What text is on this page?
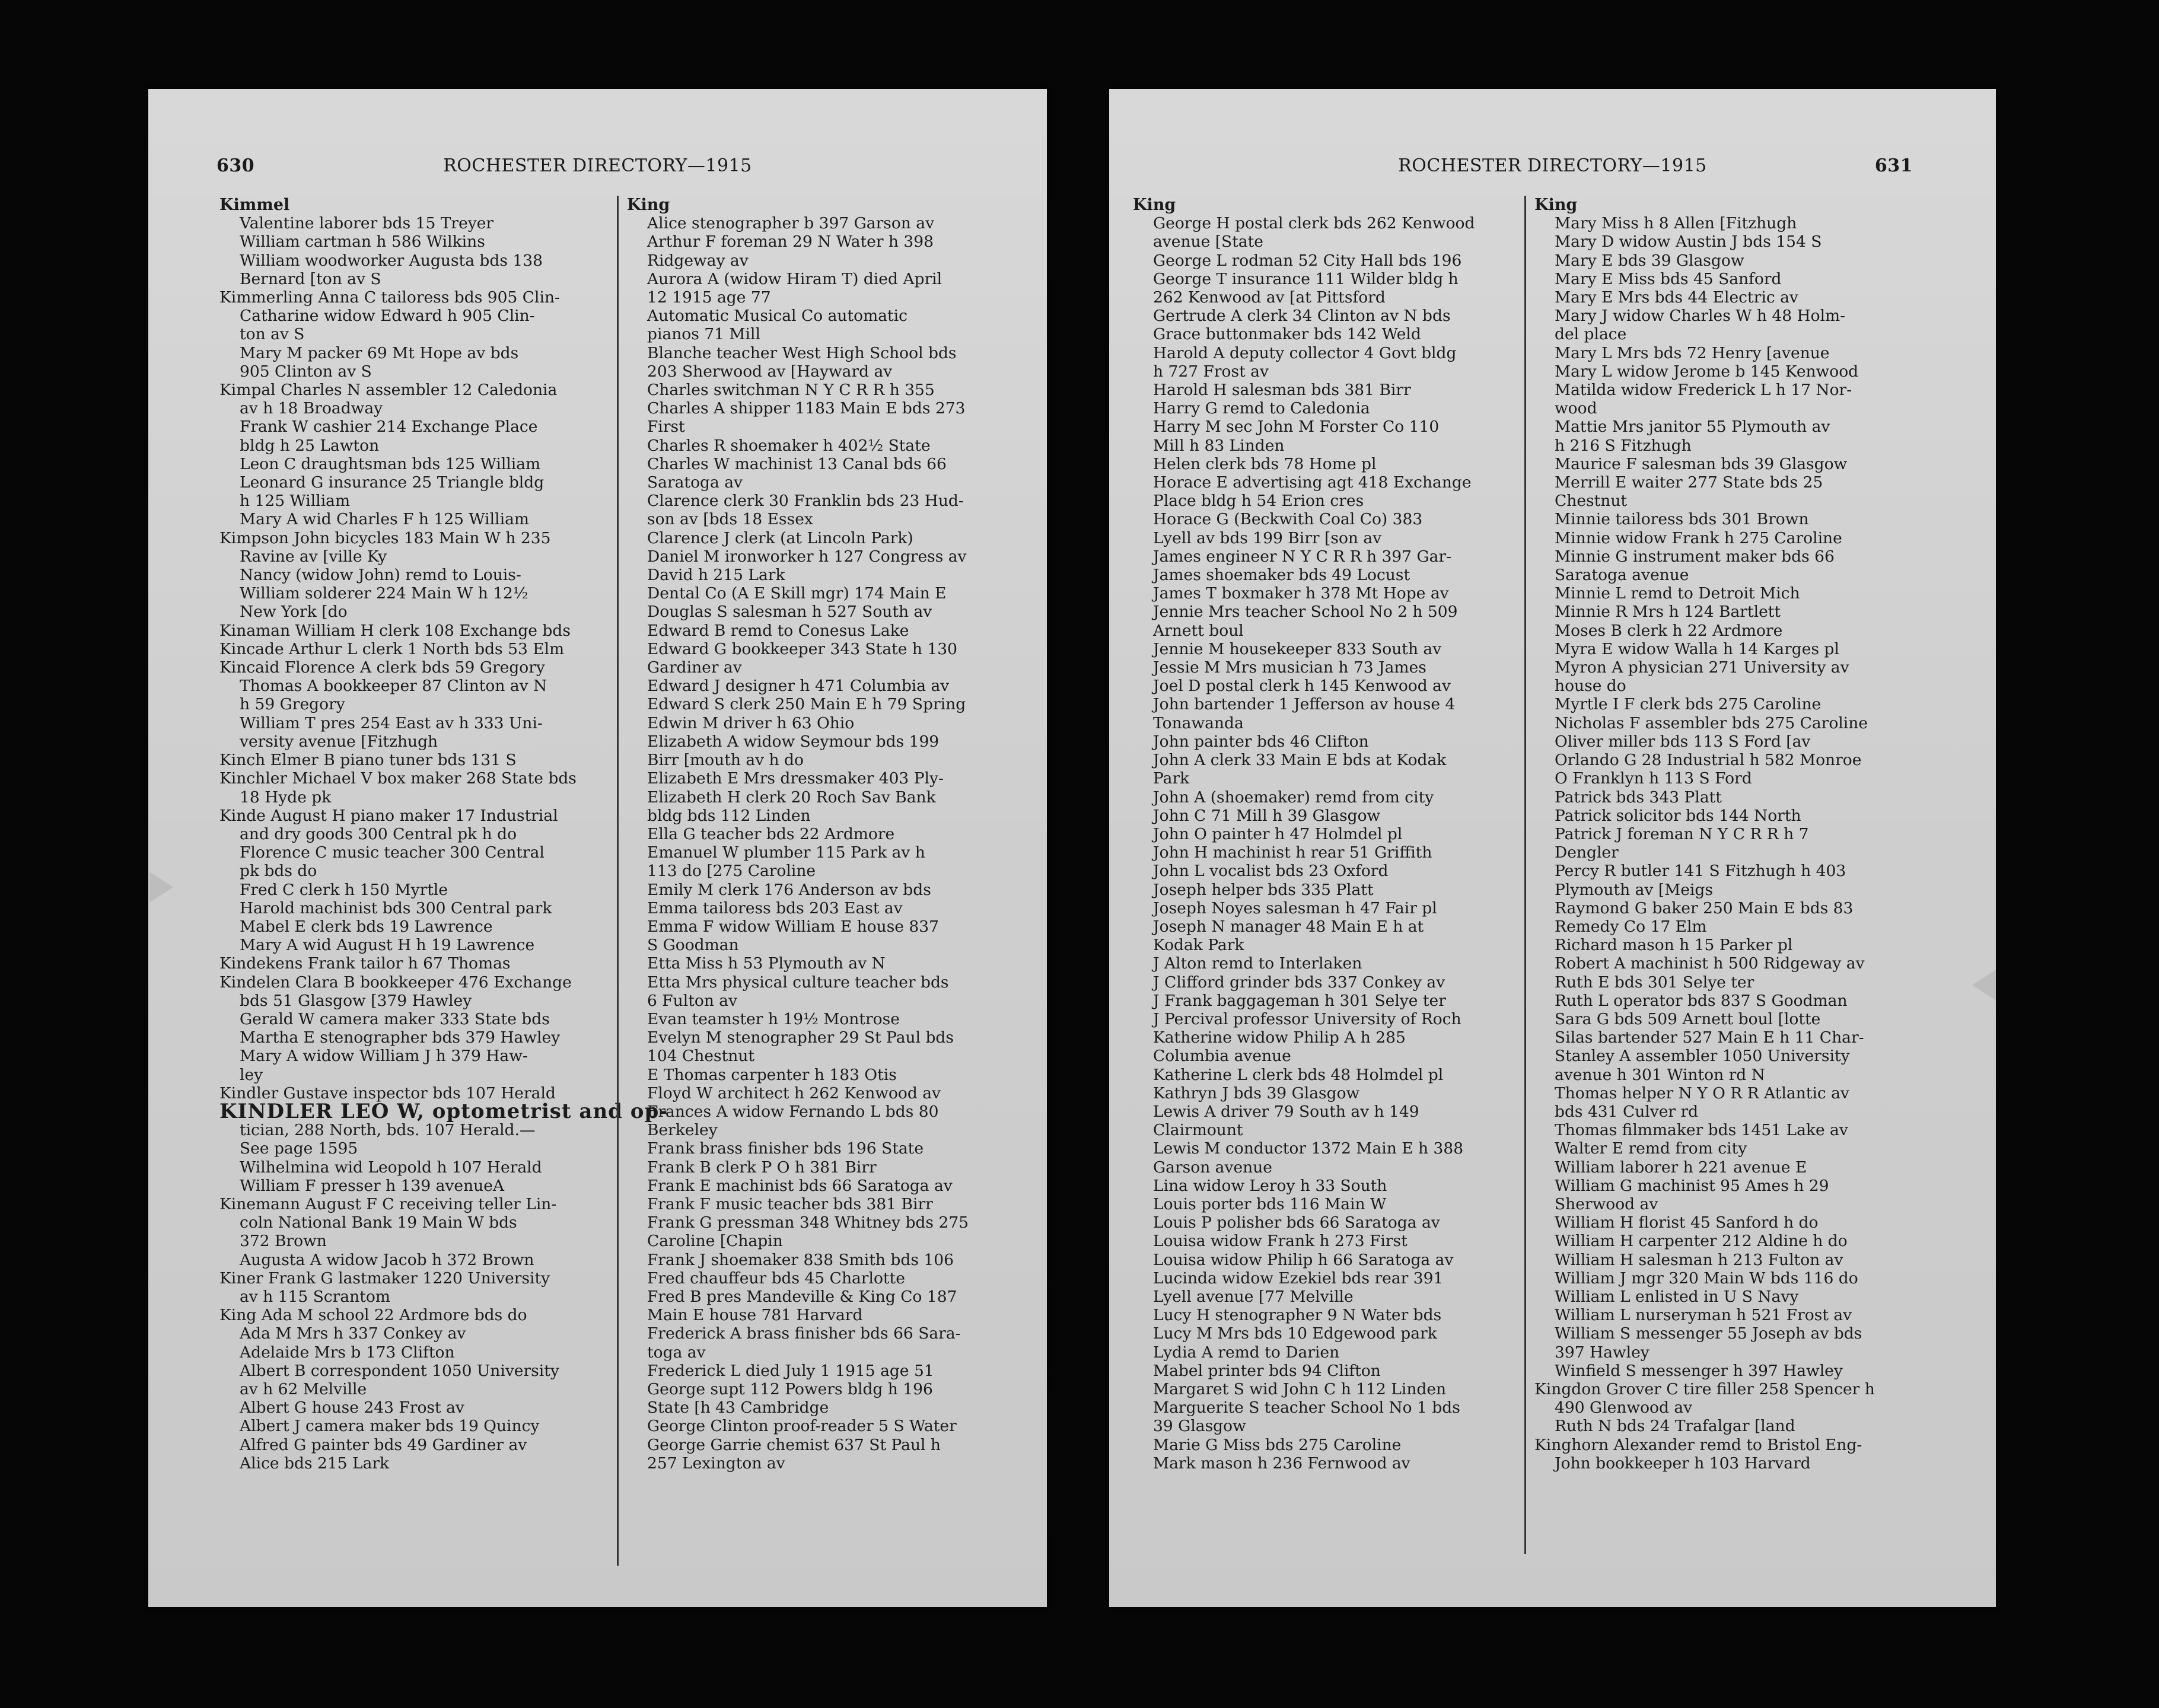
630	ROCHESTER DIRECTORY—1915
Kimmel
Valentine laborer bds 15 Treyer
William cartman h 586 Wilkins
William woodworker Augusta bds 138
Bernard [ton av S
Kimmerling Anna C tailoress bds 905 Clin-
Catharine widow Edward h 905 Clin-
ton av S
Mary M packer 69 Mt Hope av bds
905 Clinton av S
Kimpal Charles N assembler 12 Caledonia
av h 18 Broadway
Frank W cashier 214 Exchange Place
bldg h 25 Lawton
Leon C draughtsman bds 125 William
Leonard G insurance 25 Triangle bldg
h 125 William
Mary A wid Charles F h 125 William
Kimpson John bicycles 183 Main W h 235
Ravine av [ville Ky
Nancy (widow John) remd to Louis-
William solderer 224 Main W h 12½
New York [do
Kinaman William H clerk 108 Exchange bds
Kincade Arthur L clerk 1 North bds 53 Elm
Kincaid Florence A clerk bds 59 Gregory
Thomas A bookkeeper 87 Clinton av N
h 59 Gregory
William T pres 254 East av h 333 Uni-
versity avenue [Fitzhugh
Kinch Elmer B piano tuner bds 131 S
Kinchler Michael V box maker 268 State bds
18 Hyde pk
Kinde August H piano maker 17 Industrial
and dry goods 300 Central pk h do
Florence C music teacher 300 Central
pk bds do
Fred C clerk h 150 Myrtle
Harold machinist bds 300 Central park
Mabel E clerk bds 19 Lawrence
Mary A wid August H h 19 Lawrence
Kindekens Frank tailor h 67 Thomas
Kindelen Clara B bookkeeper 476 Exchange
bds 51 Glasgow [379 Hawley
Gerald W camera maker 333 State bds
Martha E stenographer bds 379 Hawley
Mary A widow William J h 379 Haw-
ley
Kindler Gustave inspector bds 107 Herald
KINDLER LEO W, optometrist and op-
tician, 288 North, bds. 107 Herald.—
See page 1595
Wilhelmina wid Leopold h 107 Herald
William F presser h 139 avenueA
Kinemann August F C receiving teller Lin-
coln National Bank 19 Main W bds
372 Brown
Augusta A widow Jacob h 372 Brown
Kiner Frank G lastmaker 1220 University
av h 115 Scrantom
King Ada M school 22 Ardmore bds do
Ada M Mrs h 337 Conkey av
Adelaide Mrs b 173 Clifton
Albert B correspondent 1050 University
av h 62 Melville
Albert G house 243 Frost av
Albert J camera maker bds 19 Quincy
Alfred G painter bds 49 Gardiner av
Alice bds 215 Lark
King
Alice stenographer b 397 Garson av
Arthur F foreman 29 N Water h 398
Ridgeway av
Aurora A (widow Hiram T) died April
12 1915 age 77
Automatic Musical Co automatic
pianos 71 Mill
Blanche teacher West High School bds
203 Sherwood av [Hayward av
Charles switchman N Y C R R h 355
Charles A shipper 1183 Main E bds 273
First
Charles R shoemaker h 402½ State
Charles W machinist 13 Canal bds 66
Saratoga av
Clarence clerk 30 Franklin bds 23 Hud-
son av [bds 18 Essex
Clarence J clerk (at Lincoln Park)
Daniel M ironworker h 127 Congress av
David h 215 Lark
Dental Co (A E Skill mgr) 174 Main E
Douglas S salesman h 527 South av
Edward B remd to Conesus Lake
Edward G bookkeeper 343 State h 130
Gardiner av
Edward J designer h 471 Columbia av
Edward S clerk 250 Main E h 79 Spring
Edwin M driver h 63 Ohio
Elizabeth A widow Seymour bds 199
Birr [mouth av h do
Elizabeth E Mrs dressmaker 403 Ply-
Elizabeth H clerk 20 Roch Sav Bank
bldg bds 112 Linden
Ella G teacher bds 22 Ardmore
Emanuel W plumber 115 Park av h
113 do [275 Caroline
Emily M clerk 176 Anderson av bds
Emma tailoress bds 203 East av
Emma F widow William E house 837
S Goodman
Etta Miss h 53 Plymouth av N
Etta Mrs physical culture teacher bds
6 Fulton av
Evan teamster h 19½ Montrose
Evelyn M stenographer 29 St Paul bds
104 Chestnut
E Thomas carpenter h 183 Otis
Floyd W architect h 262 Kenwood av
Frances A widow Fernando L bds 80
Berkeley
Frank brass finisher bds 196 State
Frank B clerk P O h 381 Birr
Frank E machinist bds 66 Saratoga av
Frank F music teacher bds 381 Birr
Frank G pressman 348 Whitney bds 275
Caroline [Chapin
Frank J shoemaker 838 Smith bds 106
Fred chauffeur bds 45 Charlotte
Fred B pres Mandeville & King Co 187
Main E house 781 Harvard
Frederick A brass finisher bds 66 Sara-
toga av
Frederick L died July 1 1915 age 51
George supt 112 Powers bldg h 196
State [h 43 Cambridge
George Clinton proof-reader 5 S Water
George Garrie chemist 637 St Paul h
257 Lexington av
ROCHESTER DIRECTORY—1915	631
King
George H postal clerk bds 262 Kenwood
avenue [State
George L rodman 52 City Hall bds 196
George T insurance 111 Wilder bldg h
262 Kenwood av [at Pittsford
Gertrude A clerk 34 Clinton av N bds
Grace buttonmaker bds 142 Weld
Harold A deputy collector 4 Govt bldg
h 727 Frost av
Harold H salesman bds 381 Birr
Harry G remd to Caledonia
Harry M sec John M Forster Co 110
Mill h 83 Linden
Helen clerk bds 78 Home pl
Horace E advertising agt 418 Exchange
Place bldg h 54 Erion cres
Horace G (Beckwith Coal Co) 383
Lyell av bds 199 Birr [son av
James engineer N Y C R R h 397 Gar-
James shoemaker bds 49 Locust
James T boxmaker h 378 Mt Hope av
Jennie Mrs teacher School No 2 h 509
Arnett boul
Jennie M housekeeper 833 South av
Jessie M Mrs musician h 73 James
Joel D postal clerk h 145 Kenwood av
John bartender 1 Jefferson av house 4
Tonawanda
John painter bds 46 Clifton
John A clerk 33 Main E bds at Kodak
Park
John A (shoemaker) remd from city
John C 71 Mill h 39 Glasgow
John O painter h 47 Holmdel pl
John H machinist h rear 51 Griffith
John L vocalist bds 23 Oxford
Joseph helper bds 335 Platt
Joseph Noyes salesman h 47 Fair pl
Joseph N manager 48 Main E h at
Kodak Park
J Alton remd to Interlaken
J Clifford grinder bds 337 Conkey av
J Frank baggageman h 301 Selye ter
J Percival professor University of Roch
Katherine widow Philip A h 285
Columbia avenue
Katherine L clerk bds 48 Holmdel pl
Kathryn J bds 39 Glasgow
Lewis A driver 79 South av h 149
Clairmount
Lewis M conductor 1372 Main E h 388
Garson avenue
Lina widow Leroy h 33 South
Louis porter bds 116 Main W
Louis P polisher bds 66 Saratoga av
Louisa widow Frank h 273 First
Louisa widow Philip h 66 Saratoga av
Lucinda widow Ezekiel bds rear 391
Lyell avenue [77 Melville
Lucy H stenographer 9 N Water bds
Lucy M Mrs bds 10 Edgewood park
Lydia A remd to Darien
Mabel printer bds 94 Clifton
Margaret S wid John C h 112 Linden
Marguerite S teacher School No 1 bds
39 Glasgow
Marie G Miss bds 275 Caroline
Mark mason h 236 Fernwood av
King
Mary Miss h 8 Allen [Fitzhugh
Mary D widow Austin J bds 154 S
Mary E bds 39 Glasgow
Mary E Miss bds 45 Sanford
Mary E Mrs bds 44 Electric av
Mary J widow Charles W h 48 Holm-
del place
Mary L Mrs bds 72 Henry [avenue
Mary L widow Jerome b 145 Kenwood
Matilda widow Frederick L h 17 Nor-
wood
Mattie Mrs janitor 55 Plymouth av
h 216 S Fitzhugh
Maurice F salesman bds 39 Glasgow
Merrill E waiter 277 State bds 25
Chestnut
Minnie tailoress bds 301 Brown
Minnie widow Frank h 275 Caroline
Minnie G instrument maker bds 66
Saratoga avenue
Minnie L remd to Detroit Mich
Minnie R Mrs h 124 Bartlett
Moses B clerk h 22 Ardmore
Myra E widow Walla h 14 Karges pl
Myron A physician 271 University av
house do
Myrtle I F clerk bds 275 Caroline
Nicholas F assembler bds 275 Caroline
Oliver miller bds 113 S Ford [av
Orlando G 28 Industrial h 582 Monroe
O Franklyn h 113 S Ford
Patrick bds 343 Platt
Patrick solicitor bds 144 North
Patrick J foreman N Y C R R h 7
Dengler
Percy R butler 141 S Fitzhugh h 403
Plymouth av [Meigs
Raymond G baker 250 Main E bds 83
Remedy Co 17 Elm
Richard mason h 15 Parker pl
Robert A machinist h 500 Ridgeway av
Ruth E bds 301 Selye ter
Ruth L operator bds 837 S Goodman
Sara G bds 509 Arnett boul [lotte
Silas bartender 527 Main E h 11 Char-
Stanley A assembler 1050 University
avenue h 301 Winton rd N
Thomas helper N Y O R R Atlantic av
bds 431 Culver rd
Thomas filmmaker bds 1451 Lake av
Walter E remd from city
William laborer h 221 avenue E
William G machinist 95 Ames h 29
Sherwood av
William H florist 45 Sanford h do
William H carpenter 212 Aldine h do
William H salesman h 213 Fulton av
William J mgr 320 Main W bds 116 do
William L enlisted in U S Navy
William L nurseryman h 521 Frost av
William S messenger 55 Joseph av bds
397 Hawley
Winfield S messenger h 397 Hawley
Kingdon Grover C tire filler 258 Spencer h
490 Glenwood av
Ruth N bds 24 Trafalgar [land
Kinghorn Alexander remd to Bristol Eng-
John bookkeeper h 103 Harvard
